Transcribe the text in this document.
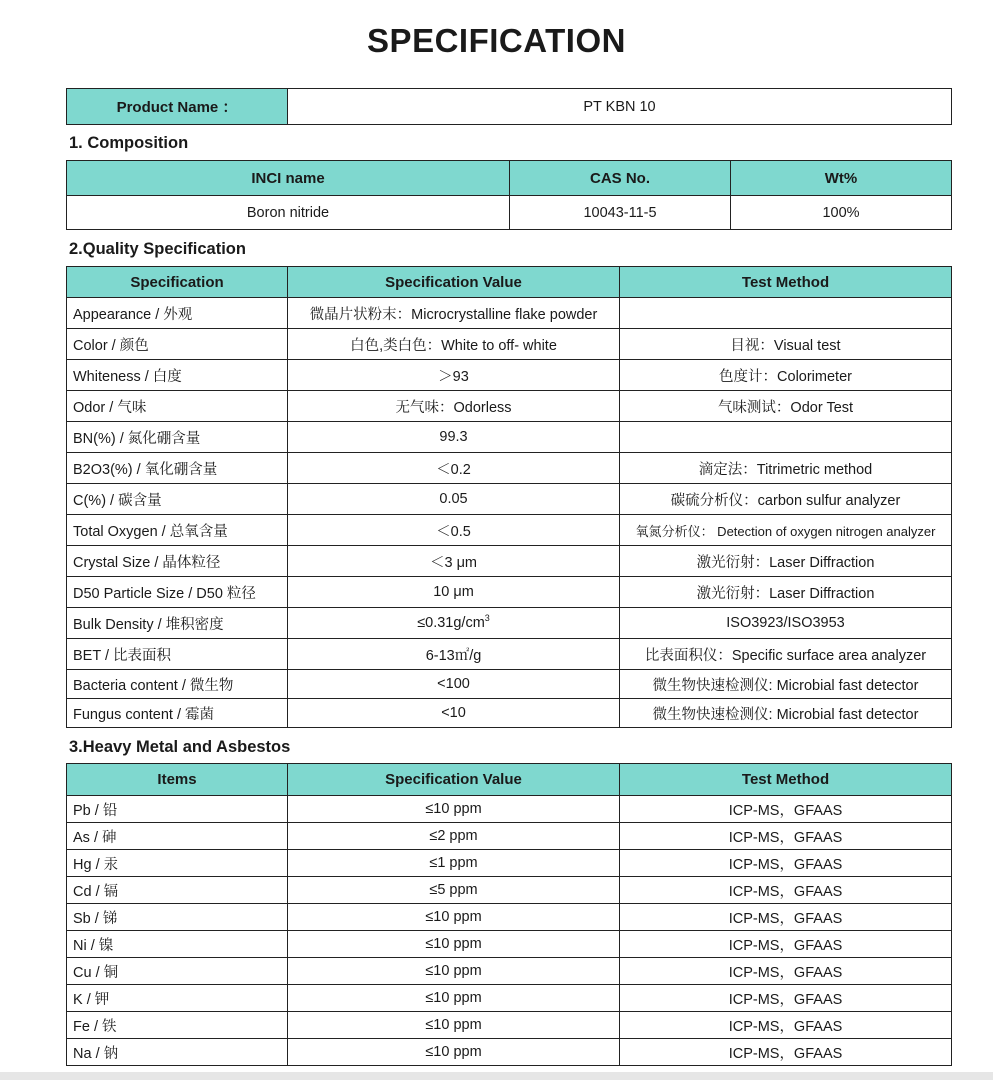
SPECIFICATION
Product Name ：	PT KBN 10
1. Composition
INCI name	CAS No.	Wt%
Boron nitride	10043-11-5	100%
2.Quality Specification
Specification	Specification Value	Test Method
Appearance / 外观	微晶片状粉末：Microcrystalline flake powder	
Color / 颜色	白色,类白色：White to off- white	目视：Visual test
Whiteness / 白度	＞93	色度计：Colorimeter
Odor / 气味	无气味：Odorless	气味测试：Odor Test
BN(%) / 氮化硼含量	99.3	
B2O3(%) / 氧化硼含量	＜0.2	滴定法：Titrimetric method
C(%) / 碳含量	0.05	碳硫分析仪：carbon sulfur analyzer
Total Oxygen / 总氧含量	＜0.5	氧氮分析仪： Detection of oxygen nitrogen analyzer
Crystal Size / 晶体粒径	＜3 μm	激光衍射：Laser Diffraction
D50 Particle Size / D50 粒径	10 μm	激光衍射：Laser Diffraction
Bulk Density / 堆积密度	$\le 0.31g/cm^3$	ISO3923/ISO3953
BET / 比表面积	6-13㎡/g	比表面积仪：Specific surface area analyzer
Bacteria content / 微生物	<100	微生物快速检测仪: Microbial fast detector
Fungus content / 霉菌	<10	微生物快速检测仪: Microbial fast detector
3.Heavy Metal and Asbestos
Items	Specification Value	Test Method
Pb / 铅	≤10 ppm	ICP-MS，GFAAS
As / 砷	≤2 ppm	ICP-MS，GFAAS
Hg / 汞	≤1 ppm	ICP-MS，GFAAS
Cd / 镉	≤5 ppm	ICP-MS，GFAAS
Sb / 锑	≤10 ppm	ICP-MS，GFAAS
Ni / 镍	≤10 ppm	ICP-MS，GFAAS
Cu / 铜	≤10 ppm	ICP-MS，GFAAS
K / 钾	≤10 ppm	ICP-MS，GFAAS
Fe / 铁	≤10 ppm	ICP-MS，GFAAS
Na / 钠	≤10 ppm	ICP-MS，GFAAS
